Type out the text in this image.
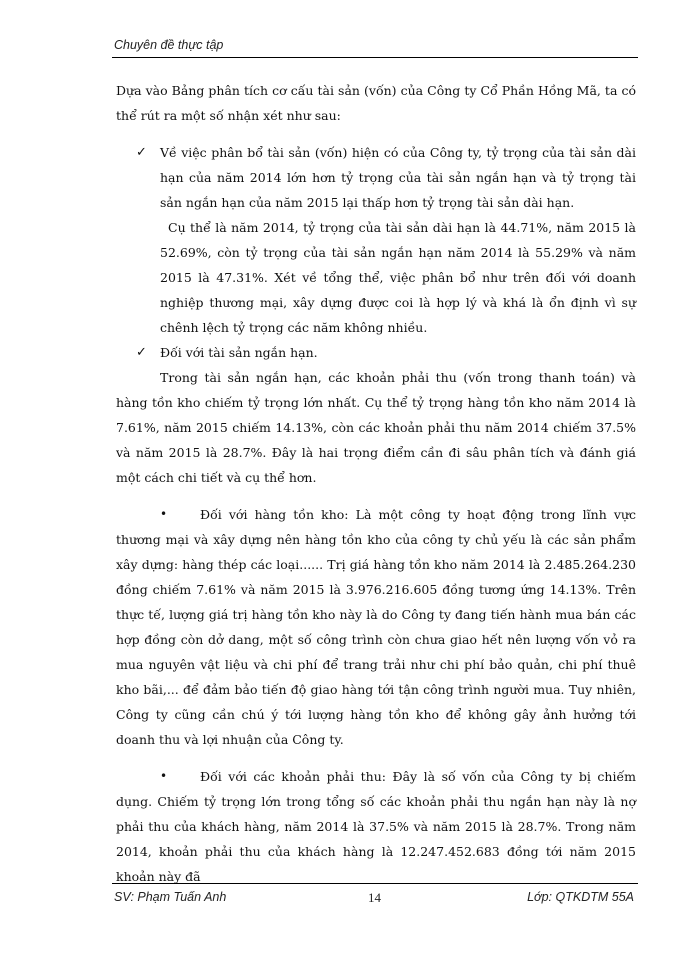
Chuyên đề thực tập

Dựa vào Bảng phân tích cơ cấu tài sản (vốn) của Công ty Cổ Phần Hồng Mã, ta có thể rút ra một số nhận xét như sau:

✓ Về việc phân bổ tài sản (vốn) hiện có của Công ty, tỷ trọng của tài sản dài hạn của năm 2014 lớn hơn tỷ trọng của tài sản ngắn hạn và tỷ trọng tài sản ngắn hạn của năm 2015 lại thấp hơn tỷ trọng tài sản dài hạn.

Cụ thể là năm 2014, tỷ trọng của tài sản dài hạn là 44.71%, năm 2015 là 52.69%, còn tỷ trọng của tài sản ngắn hạn năm 2014 là 55.29% và năm 2015 là 47.31%. Xét về tổng thể, việc phân bổ như trên đối với doanh nghiệp thương mại, xây dựng được coi là hợp lý và khá là ổn định vì sự chênh lệch tỷ trọng các năm không nhiều.

✓ Đối với tài sản ngắn hạn.

Trong tài sản ngắn hạn, các khoản phải thu (vốn trong thanh toán) và hàng tồn kho chiếm tỷ trọng lớn nhất. Cụ thể tỷ trọng hàng tồn kho năm 2014 là 7.61%, năm 2015 chiếm 14.13%, còn các khoản phải thu năm 2014 chiếm 37.5% và năm 2015 là 28.7%. Đây là hai trọng điểm cần đi sâu phân tích và đánh giá một cách chi tiết và cụ thể hơn.

•	Đối với hàng tồn kho: Là một công ty hoạt động trong lĩnh vực thương mại và xây dựng nên hàng tồn kho của công ty chủ yếu là các sản phẩm xây dựng: hàng thép các loại...... Trị giá hàng tồn kho năm 2014 là 2.485.264.230 đồng chiếm 7.61% và năm 2015 là 3.976.216.605 đồng tương ứng 14.13%. Trên thực tế, lượng giá trị hàng tồn kho này là do Công ty đang tiến hành mua bán các hợp đồng còn dở dang, một số công trình còn chưa giao hết nên lượng vốn vỏ ra mua nguyên vật liệu và chi phí để trang trải như chi phí bảo quản, chi phí thuê kho bãi,... để đảm bảo tiến độ giao hàng tới tận công trình người mua. Tuy nhiên, Công ty cũng cần chú ý tới lượng hàng tồn kho để không gây ảnh hưởng tới doanh thu và lợi nhuận của Công ty.

•	Đối với các khoản phải thu: Đây là số vốn của Công ty bị chiếm dụng. Chiếm tỷ trọng lớn trong tổng số các khoản phải thu ngắn hạn này là nợ phải thu của khách hàng, năm 2014 là 37.5% và năm 2015 là 28.7%. Trong năm 2014, khoản phải thu của khách hàng là 12.247.452.683 đồng tới năm 2015 khoản này đã

SV: Phạm Tuấn Anh	14	Lớp: QTKDTM 55A
